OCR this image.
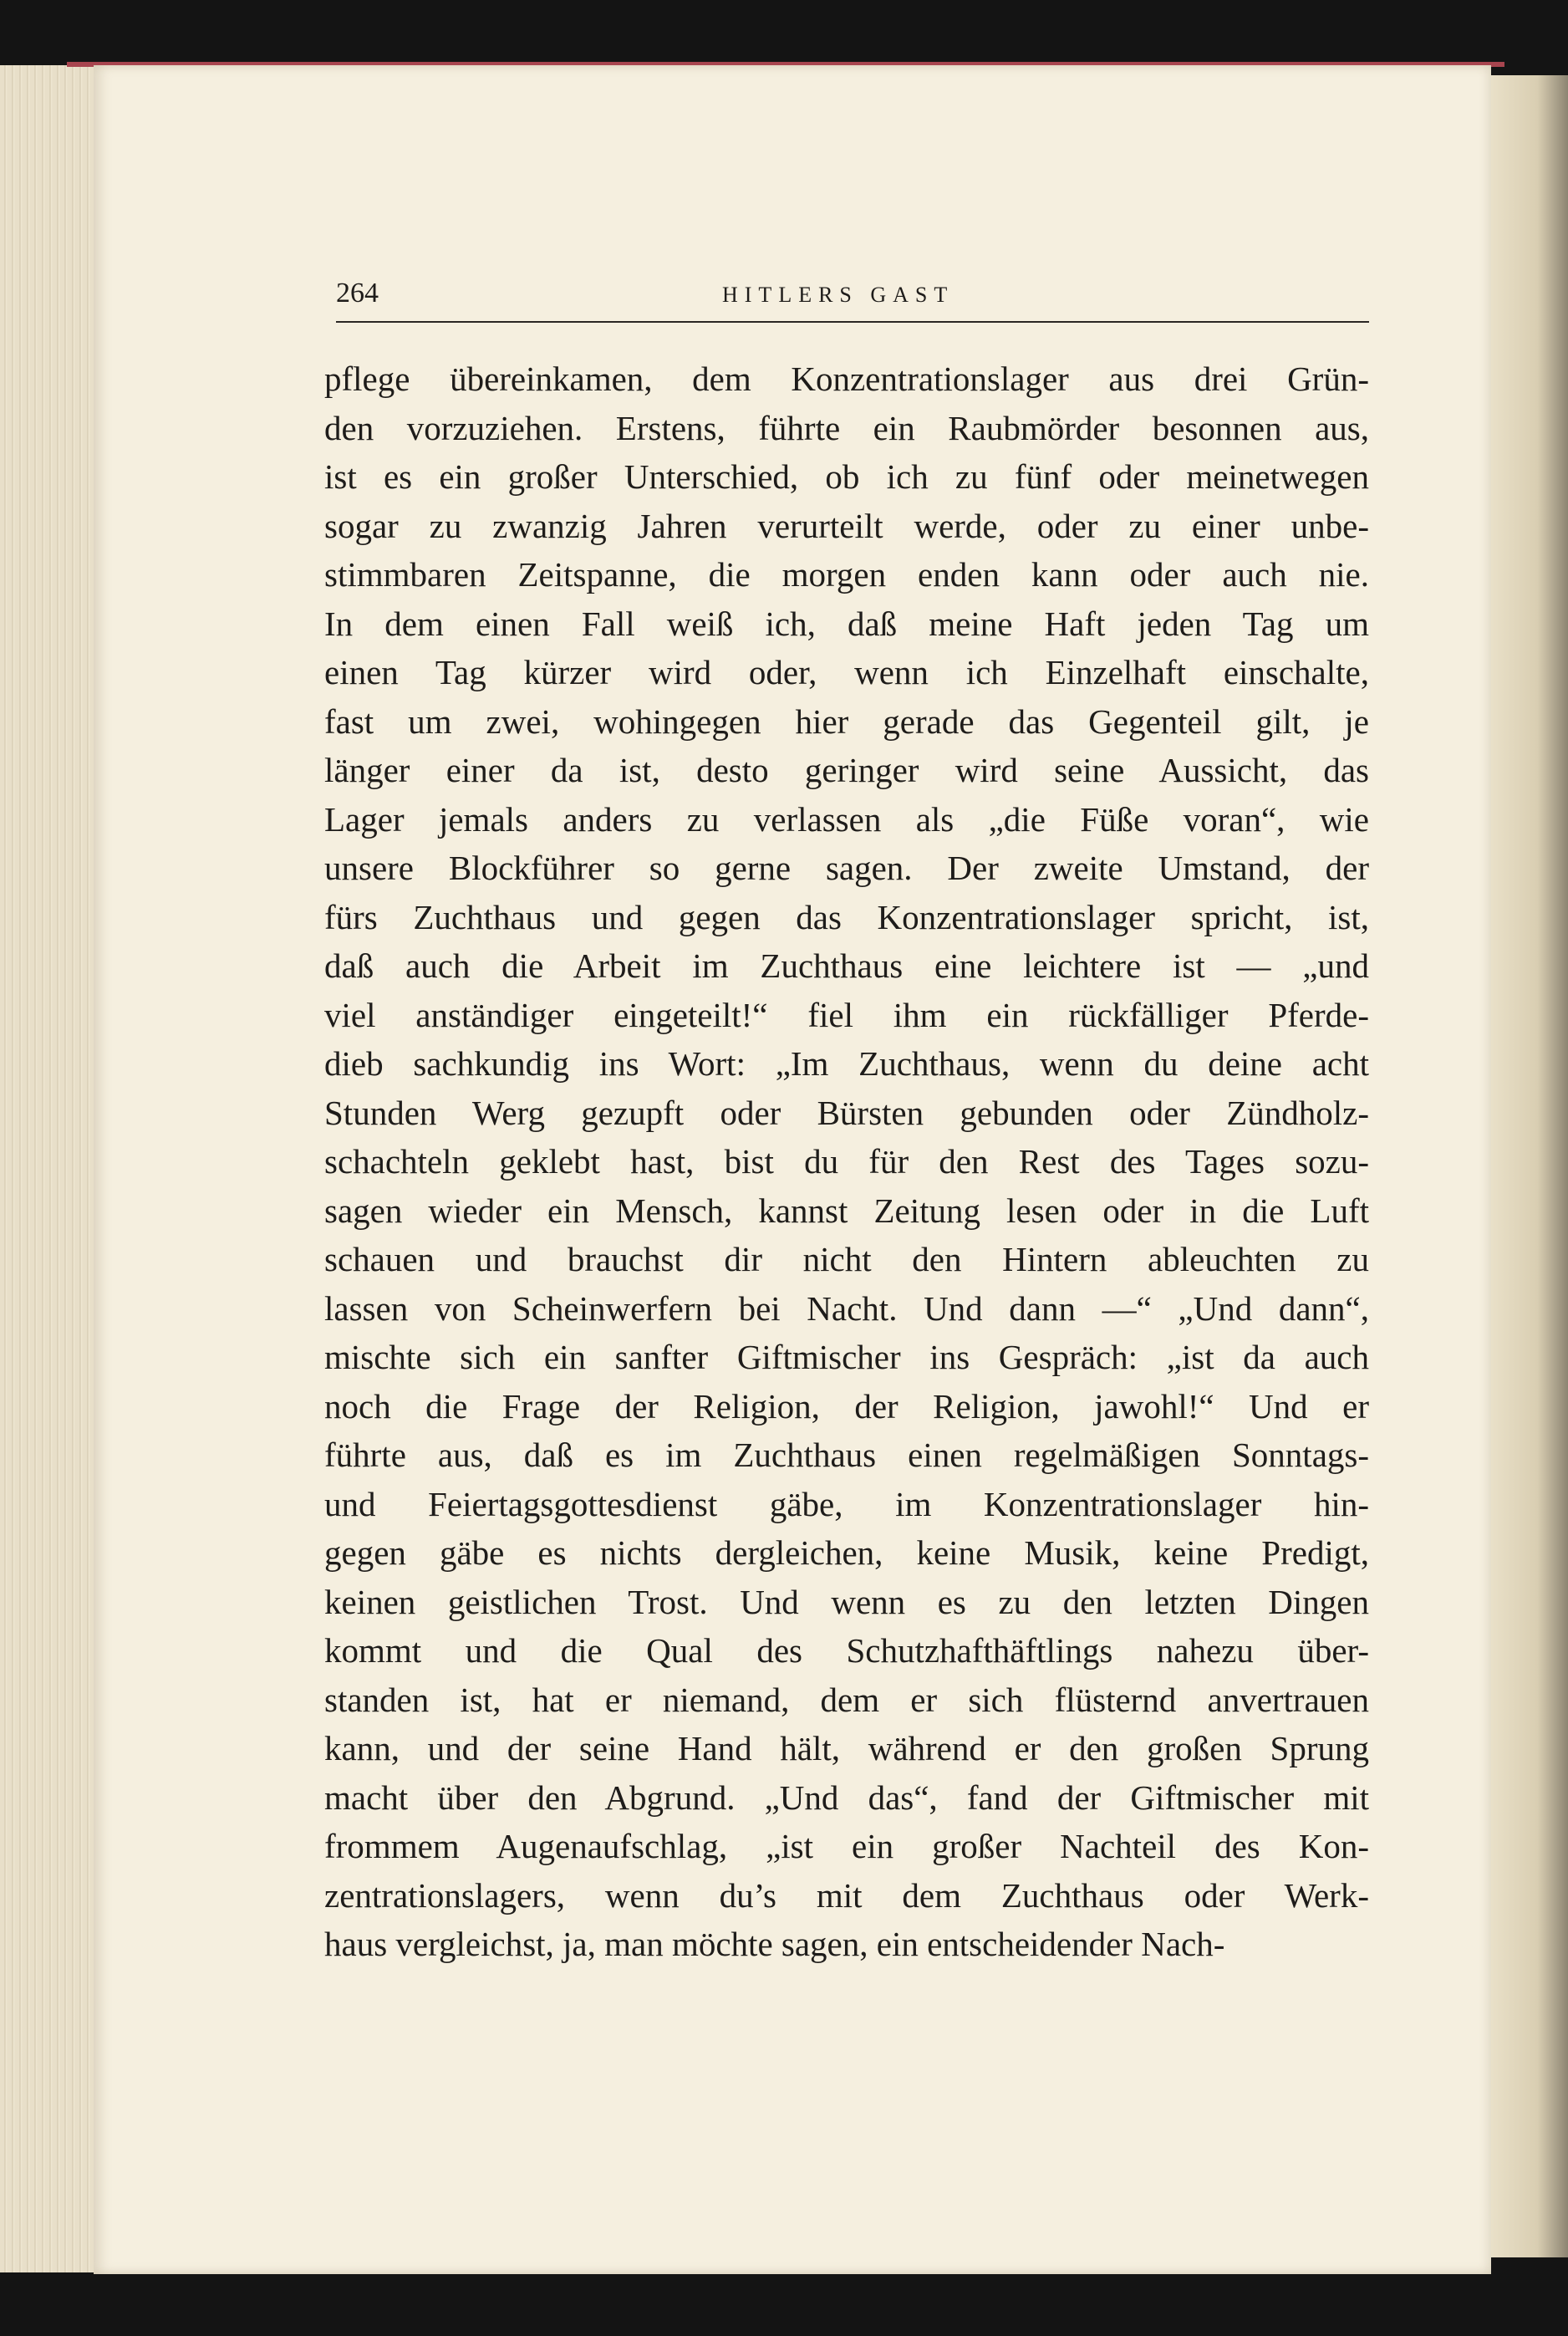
264	HITLERS GAST
pflege übereinkamen, dem Konzentrationslager aus drei Grün-
den vorzuziehen. Erstens, führte ein Raubmörder besonnen aus,
ist es ein großer Unterschied, ob ich zu fünf oder meinetwegen
sogar zu zwanzig Jahren verurteilt werde, oder zu einer unbe-
stimmbaren Zeitspanne, die morgen enden kann oder auch nie.
In dem einen Fall weiß ich, daß meine Haft jeden Tag um
einen Tag kürzer wird oder, wenn ich Einzelhaft einschalte,
fast um zwei, wohingegen hier gerade das Gegenteil gilt, je
länger einer da ist, desto geringer wird seine Aussicht, das
Lager jemals anders zu verlassen als „die Füße voran“, wie
unsere Blockführer so gerne sagen. Der zweite Umstand, der
fürs Zuchthaus und gegen das Konzentrationslager spricht, ist,
daß auch die Arbeit im Zuchthaus eine leichtere ist — „und
viel anständiger eingeteilt!“ fiel ihm ein rückfälliger Pferde-
dieb sachkundig ins Wort: „Im Zuchthaus, wenn du deine acht
Stunden Werg gezupft oder Bürsten gebunden oder Zündholz-
schachteln geklebt hast, bist du für den Rest des Tages sozu-
sagen wieder ein Mensch, kannst Zeitung lesen oder in die Luft
schauen und brauchst dir nicht den Hintern ableuchten zu
lassen von Scheinwerfern bei Nacht. Und dann —“ „Und dann“,
mischte sich ein sanfter Giftmischer ins Gespräch: „ist da auch
noch die Frage der Religion, der Religion, jawohl!“ Und er
führte aus, daß es im Zuchthaus einen regelmäßigen Sonntags-
und Feiertagsgottesdienst gäbe, im Konzentrationslager hin-
gegen gäbe es nichts dergleichen, keine Musik, keine Predigt,
keinen geistlichen Trost. Und wenn es zu den letzten Dingen
kommt und die Qual des Schutzhafthäftlings nahezu über-
standen ist, hat er niemand, dem er sich flüsternd anvertrauen
kann, und der seine Hand hält, während er den großen Sprung
macht über den Abgrund. „Und das“, fand der Giftmischer mit
frommem Augenaufschlag, „ist ein großer Nachteil des Kon-
zentrationslagers, wenn du’s mit dem Zuchthaus oder Werk-
haus vergleichst, ja, man möchte sagen, ein entscheidender Nach-
